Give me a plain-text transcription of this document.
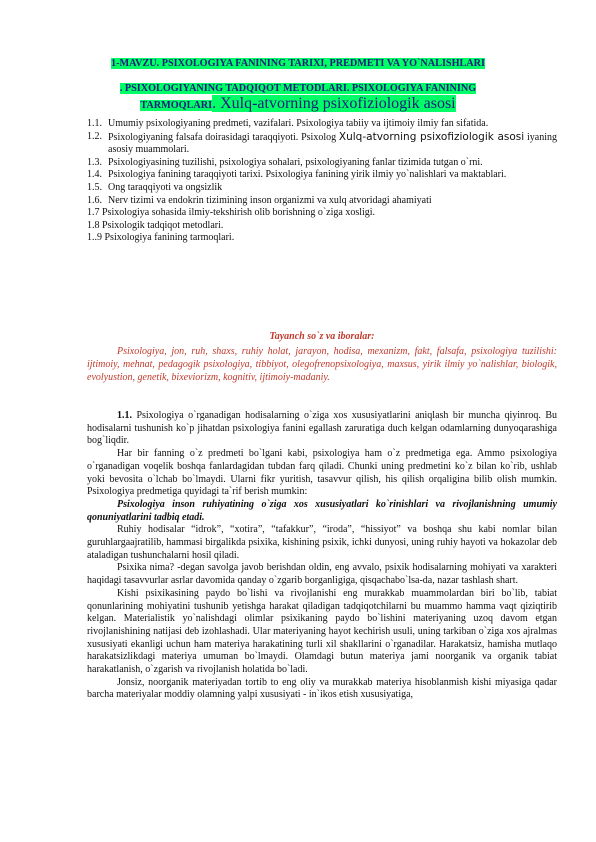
1-MAVZU. PSIXOLOGIYA FANINING TARIXI, PREDMETI VA YO`NALISHLARI
. PSIXOLOGIYANING TADQIQOT METODLARI. PSIXOLOGIYA FANINING
TARMOQLARI. Xulq-atvorning psixofiziologik asosi
1.1. Umumiy psixologiyaning predmeti, vazifalari. Psixologiya tabiiy va ijtimoiy ilmiy fan sifatida.
1.2. Psixologiyaning falsafa doirasidagi taraqqiyoti. Psixolog Xulq-atvorning psixofiziologik asosi iyaning asosiy muammolari.
1.3. Psixologiyasining tuzilishi, psixologiya sohalari, psixologiyaning fanlar tizimida tutgan o`rni.
1.4. Psixologiya fanining taraqqiyoti tarixi. Psixologiya fanining yirik ilmiy yo`nalishlari va maktablari.
1.5. Ong taraqqiyoti va ongsizlik
1.6. Nerv tizimi va endokrin tizimining inson organizmi va xulq atvoridagi ahamiyati
1.7 Psixologiya sohasida ilmiy-tekshirish olib borishning o`ziga xosligi.
1.8 Psixologik tadqiqot metodlari.
1..9 Psixologiya fanining tarmoqlari.
Tayanch so`z va iboralar:
Psixologiya, jon, ruh, shaxs, ruhiy holat, jarayon, hodisa, mexanizm, fakt, falsafa, psixologiya tuzilishi: ijtimoiy, mehnat, pedagogik psixologiya, tibbiyot, olegofrenopsixologiya, maxsus, yirik ilmiy yo`nalishlar, biologik, evolyustion, genetik, bixeviorizm, kognitiv, ijtimoiy-madaniy.

1.1. Psixologiya o`rganadigan hodisalarning o`ziga xos xususiyatlarini aniqlash bir muncha qiyinroq. Bu hodisalarni tushunish ko`p jihatdan psixologiya fanini egallash zaruratiga duch kelgan odamlarning dunyoqarashiga bog`liqdir.

Har bir fanning o`z predmeti bo`lgani kabi, psixologiya ham o`z predmetiga ega. Ammo psixologiya o`rganadigan voqelik boshqa fanlardagidan tubdan farq qiladi. Chunki uning predmetini ko`z bilan ko`rib, ushlab yoki bevosita o`lchab bo`lmaydi. Ularni fikr yuritish, tasavvur qilish, his qilish orqaligina bilib olish mumkin. Psixologiya predmetiga quyidagi ta`rif berish mumkin:

Psixologiya inson ruhiyatining o`ziga xos xususiyatlari ko`rinishlari va rivojlanishning umumiy qonuniyatlarini tadbiq etadi.

Ruhiy hodisalar “idrok”, “xotira”, “tafakkur”, “iroda”, “hissiyot” va boshqa shu kabi nomlar bilan guruhlargaajratilib, hammasi birgalikda psixika, kishining psixik, ichki dunyosi, uning ruhiy hayoti va hokazolar deb ataladigan tushunchalarni hosil qiladi.

Psixika nima? -degan savolga javob berishdan oldin, eng avvalo, psixik hodisalarning mohiyati va xarakteri haqidagi tasavvurlar asrlar davomida qanday o`zgarib borganligiga, qisqachabo`lsa-da, nazar tashlash shart.

Kishi psixikasining paydo bo`lishi va rivojlanishi eng murakkab muammolardan biri bo`lib, tabiat qonunlarining mohiyatini tushunib yetishga harakat qiladigan tadqiqotchilarni bu muammo hamma vaqt qiziqtirib kelgan. Materialistik yo`nalishdagi olimlar psixikaning paydo bo`lishini materiyaning uzoq davom etgan rivojlanishining natijasi deb izohlashadi. Ular materiyaning hayot kechirish usuli, uning tarkiban o`ziga xos ajralmas xususiyati ekanligi uchun ham materiya harakatining turli xil shakllarini o`rganadilar. Harakatsiz, hamisha mutlaqo harakatsizlikdagi materiya umuman bo`lmaydi. Olamdagi butun materiya jami noorganik va organik tabiat harakatlanish, o`zgarish va rivojlanish holatida bo`ladi.

Jonsiz, noorganik materiyadan tortib to eng oliy va murakkab materiya hisoblanmish kishi miyasiga qadar barcha materiyalar moddiy olamning yalpi xususiyati - in`ikos etish xususiyatiga,
